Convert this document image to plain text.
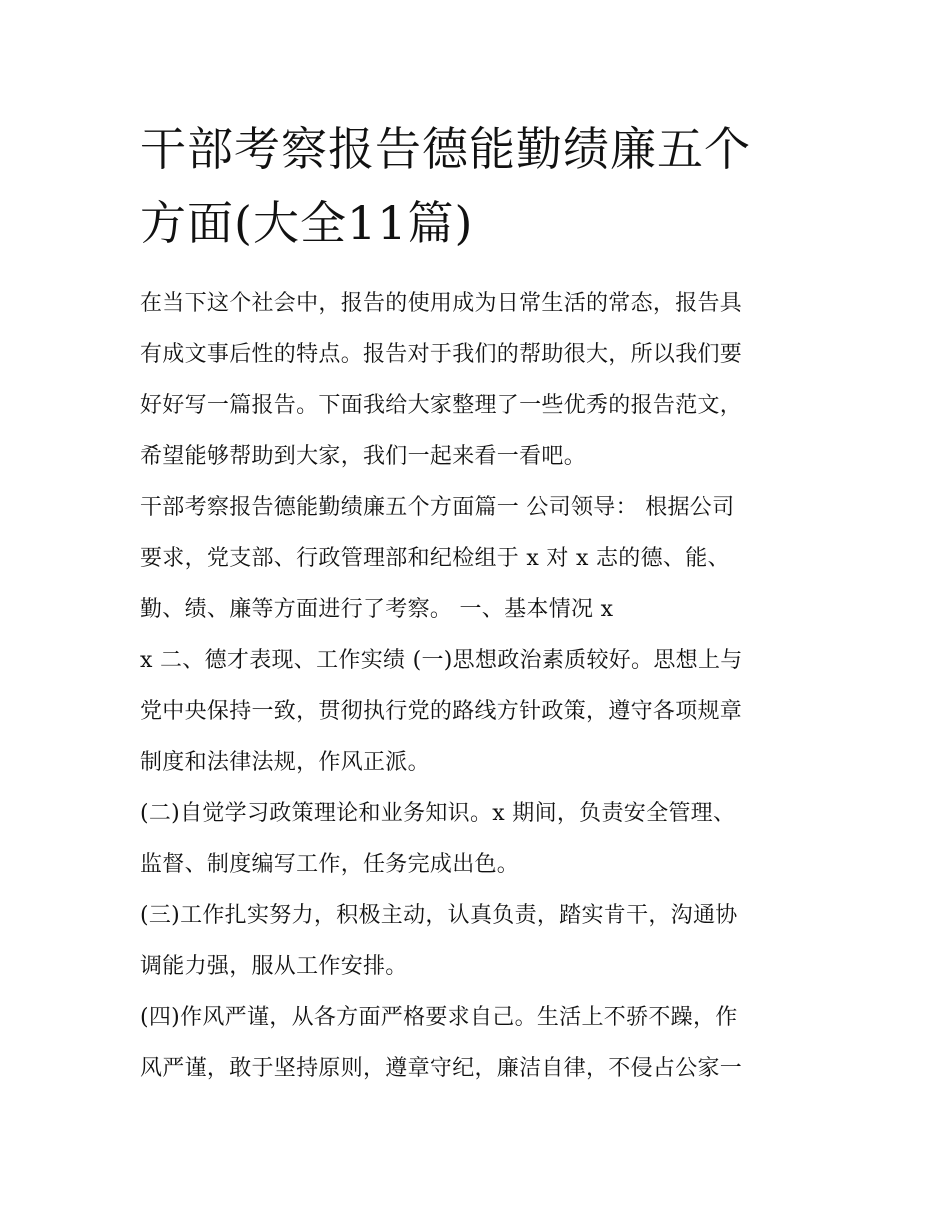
干部考察报告德能勤绩廉五个
方面(大全11篇)
在当下这个社会中，报告的使用成为日常生活的常态，报告具
有成文事后性的特点。报告对于我们的帮助很大，所以我们要
好好写一篇报告。下面我给大家整理了一些优秀的报告范文，
希望能够帮助到大家，我们一起来看一看吧。
干部考察报告德能勤绩廉五个方面篇一 公司领导： 根据公司
要求，党支部、行政管理部和纪检组于 x 对 x 志的德、能、
勤、绩、廉等方面进行了考察。 一、基本情况 x
x 二、德才表现、工作实绩 (一)思想政治素质较好。思想上与
党中央保持一致，贯彻执行党的路线方针政策，遵守各项规章
制度和法律法规，作风正派。
(二)自觉学习政策理论和业务知识。x 期间，负责安全管理、
监督、制度编写工作，任务完成出色。
(三)工作扎实努力，积极主动，认真负责，踏实肯干，沟通协
调能力强，服从工作安排。
(四)作风严谨，从各方面严格要求自己。生活上不骄不躁，作
风严谨，敢于坚持原则，遵章守纪，廉洁自律，不侵占公家一
